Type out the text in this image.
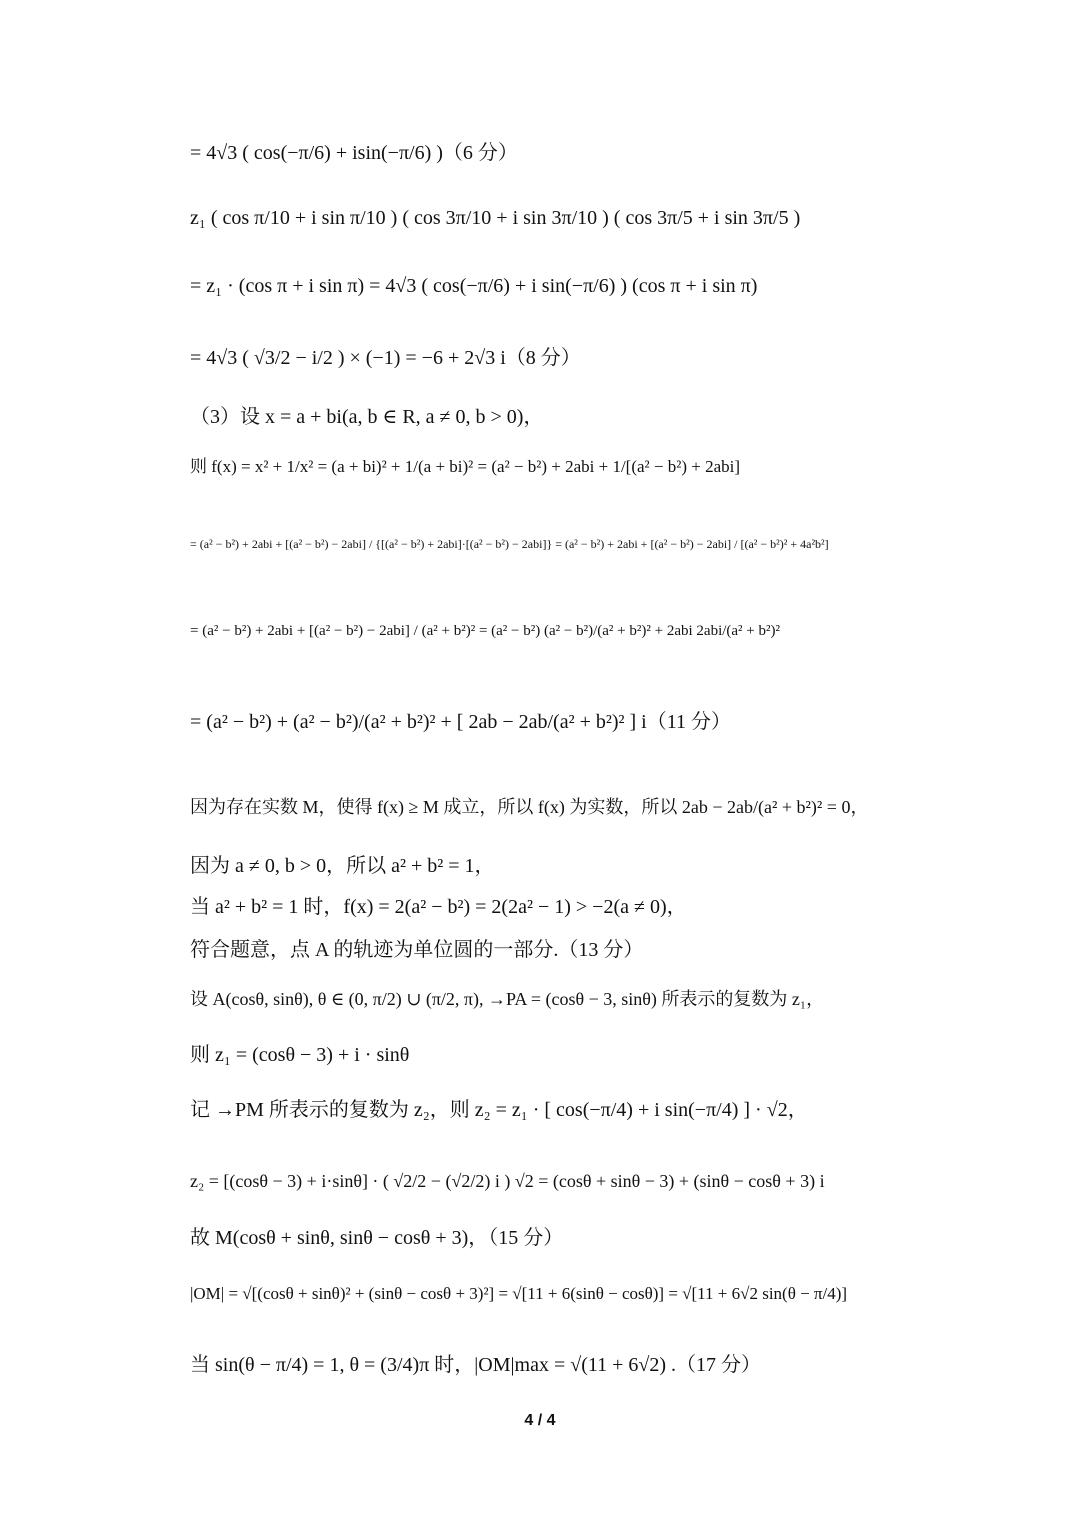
= 4√3 ( cos(−π/6) + isin(−π/6) )（6 分）
z₁ ( cos π/10 + i sin π/10 ) ( cos 3π/10 + i sin 3π/10 ) ( cos 3π/5 + i sin 3π/5 )
= z₁ · (cos π + i sin π) = 4√3 ( cos(−π/6) + i sin(−π/6) ) (cos π + i sin π)
= 4√3 ( √3/2 − i/2 ) × (−1) = −6 + 2√3 i（8 分）
（3）设 x = a + bi(a, b ∈ R, a ≠ 0, b > 0)，
则 f(x) = x² + 1/x² = (a + bi)² + 1/(a + bi)² = (a² − b²) + 2abi + 1/[(a² − b²) + 2abi]
= (a² − b²) + 2abi + [(a² − b²) − 2abi] / {[(a² − b²) + 2abi]·[(a² − b²) − 2abi]} = (a² − b²) + 2abi + [(a² − b²) − 2abi] / [(a² − b²)² + 4a²b²]
= (a² − b²) + 2abi + [(a² − b²) − 2abi] / (a² + b²)² = (a² − b²) (a² − b²)/(a² + b²)² + 2abi 2abi/(a² + b²)²
= (a² − b²) + (a² − b²)/(a² + b²)² + [ 2ab − 2ab/(a² + b²)² ] i（11 分）
因为存在实数 M，使得 f(x) ≥ M 成立，所以 f(x) 为实数，所以 2ab − 2ab/(a² + b²)² = 0，
因为 a ≠ 0, b > 0，所以 a² + b² = 1，
当 a² + b² = 1 时，f(x) = 2(a² − b²) = 2(2a² − 1) > −2(a ≠ 0)，
符合题意，点 A 的轨迹为单位圆的一部分.（13 分）
设 A(cosθ, sinθ), θ ∈ (0, π/2) ∪ (π/2, π), →PA = (cosθ − 3, sinθ) 所表示的复数为 z₁，
则 z₁ = (cosθ − 3) + i · sinθ
记 →PM 所表示的复数为 z₂，则 z₂ = z₁ · [ cos(−π/4) + i sin(−π/4) ] · √2，
z₂ = [(cosθ − 3) + i·sinθ] · ( √2/2 − (√2/2) i ) √2 = (cosθ + sinθ − 3) + (sinθ − cosθ + 3) i
故 M(cosθ + sinθ, sinθ − cosθ + 3)，（15 分）
|OM| = √[(cosθ + sinθ)² + (sinθ − cosθ + 3)²] = √[11 + 6(sinθ − cosθ)] = √[11 + 6√2 sin(θ − π/4)]
当 sin(θ − π/4) = 1, θ = (3/4)π 时，|OM|max = √(11 + 6√2) .（17 分）
4 / 4
